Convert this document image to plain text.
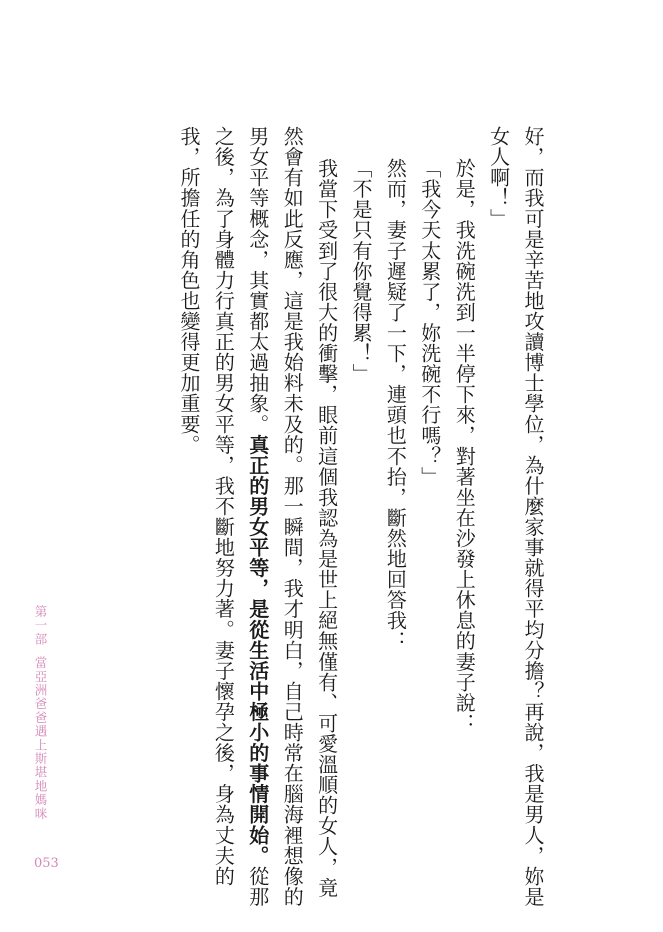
好，而我可是辛苦地攻讀博士學位，為什麼家事就得平均分擔？再說，我是男人，妳是
女人啊！」
於是，我洗碗洗到一半停下來，對著坐在沙發上休息的妻子說：
「我今天太累了，妳洗碗不行嗎？」
然而，妻子遲疑了一下，連頭也不抬，斷然地回答我：
「不是只有你覺得累！」
我當下受到了很大的衝擊，眼前這個我認為是世上絕無僅有、可愛溫順的女人，竟
然會有如此反應，這是我始料未及的。那一瞬間，我才明白，自己時常在腦海裡想像的
男女平等概念，其實都太過抽象。真正的男女平等，是從生活中極小的事情開始。從那
之後，為了身體力行真正的男女平等，我不斷地努力著。妻子懷孕之後，身為丈夫的
我，所擔任的角色也變得更加重要。
第一部當亞洲爸爸遇上斯堪地媽咪
053
